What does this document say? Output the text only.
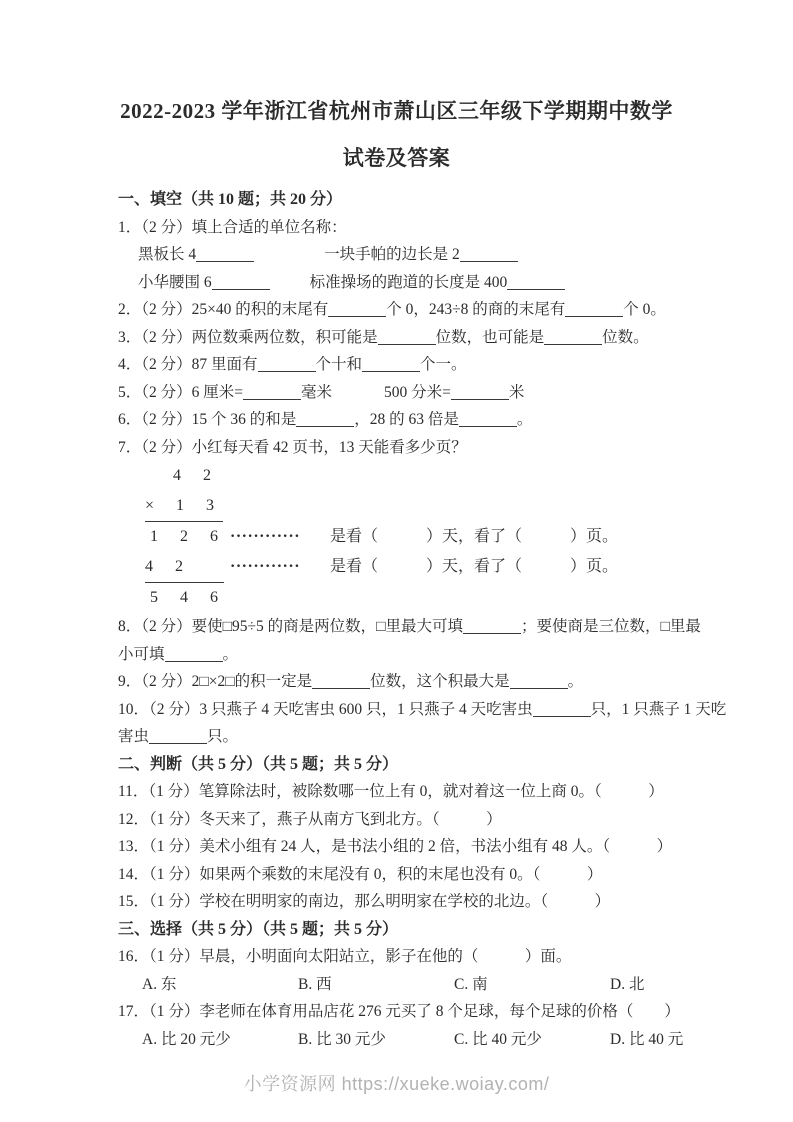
2022-2023 学年浙江省杭州市萧山区三年级下学期期中数学
试卷及答案
一、填空（共 10 题；共 20 分）
1．（2 分）填上合适的单位名称：
黑板长 4	一块手帕的边长是 2
小华腰围 6	标准操场的跑道的长度是 400
2．（2 分）25×40 的积的末尾有	个 0，243÷8 的商的末尾有	个 0。
3．（2 分）两位数乘两位数，积可能是	位数，也可能是	位数。
4．（2 分）87 里面有	个十和	个一。
5．（2 分）6 厘米=	毫米	500 分米=	米
6．（2 分）15 个 36 的和是	，28 的 63 倍是	。
7．（2 分）小红每天看 42 页书，13 天能看多少页？
4 2
× 1 3
1 2 6 ············	是看（　　　）天，看了（　　　）页。
4 2	············	是看（　　　）天，看了（　　　）页。
5 4 6
8．（2 分）要使□95÷5 的商是两位数，□里最大可填	；要使商是三位数，□里最
小可填	。
9．（2 分）2□×2□的积一定是	位数，这个积最大是	。
10．（2 分）3 只燕子 4 天吃害虫 600 只，1 只燕子 4 天吃害虫	只，1 只燕子 1 天吃
害虫	只。
二、判断（共 5 分）（共 5 题；共 5 分）
11．（1 分）笔算除法时，被除数哪一位上有 0，就对着这一位上商 0。（　　　）
12．（1 分）冬天来了，燕子从南方飞到北方。（　　　）
13．（1 分）美术小组有 24 人，是书法小组的 2 倍，书法小组有 48 人。（　　　）
14．（1 分）如果两个乘数的末尾没有 0，积的末尾也没有 0。（　　　）
15．（1 分）学校在明明家的南边，那么明明家在学校的北边。（　　　）
三、选择（共 5 分）（共 5 题；共 5 分）
16．（1 分）早晨，小明面向太阳站立，影子在他的（　　　）面。
A. 东	B. 西	C. 南	D. 北
17．（1 分）李老师在体育用品店花 276 元买了 8 个足球，每个足球的价格（　　）
A. 比 20 元少	B. 比 30 元少	C. 比 40 元少	D. 比 40 元
小学资源网 https://xueke.woiay.com/
